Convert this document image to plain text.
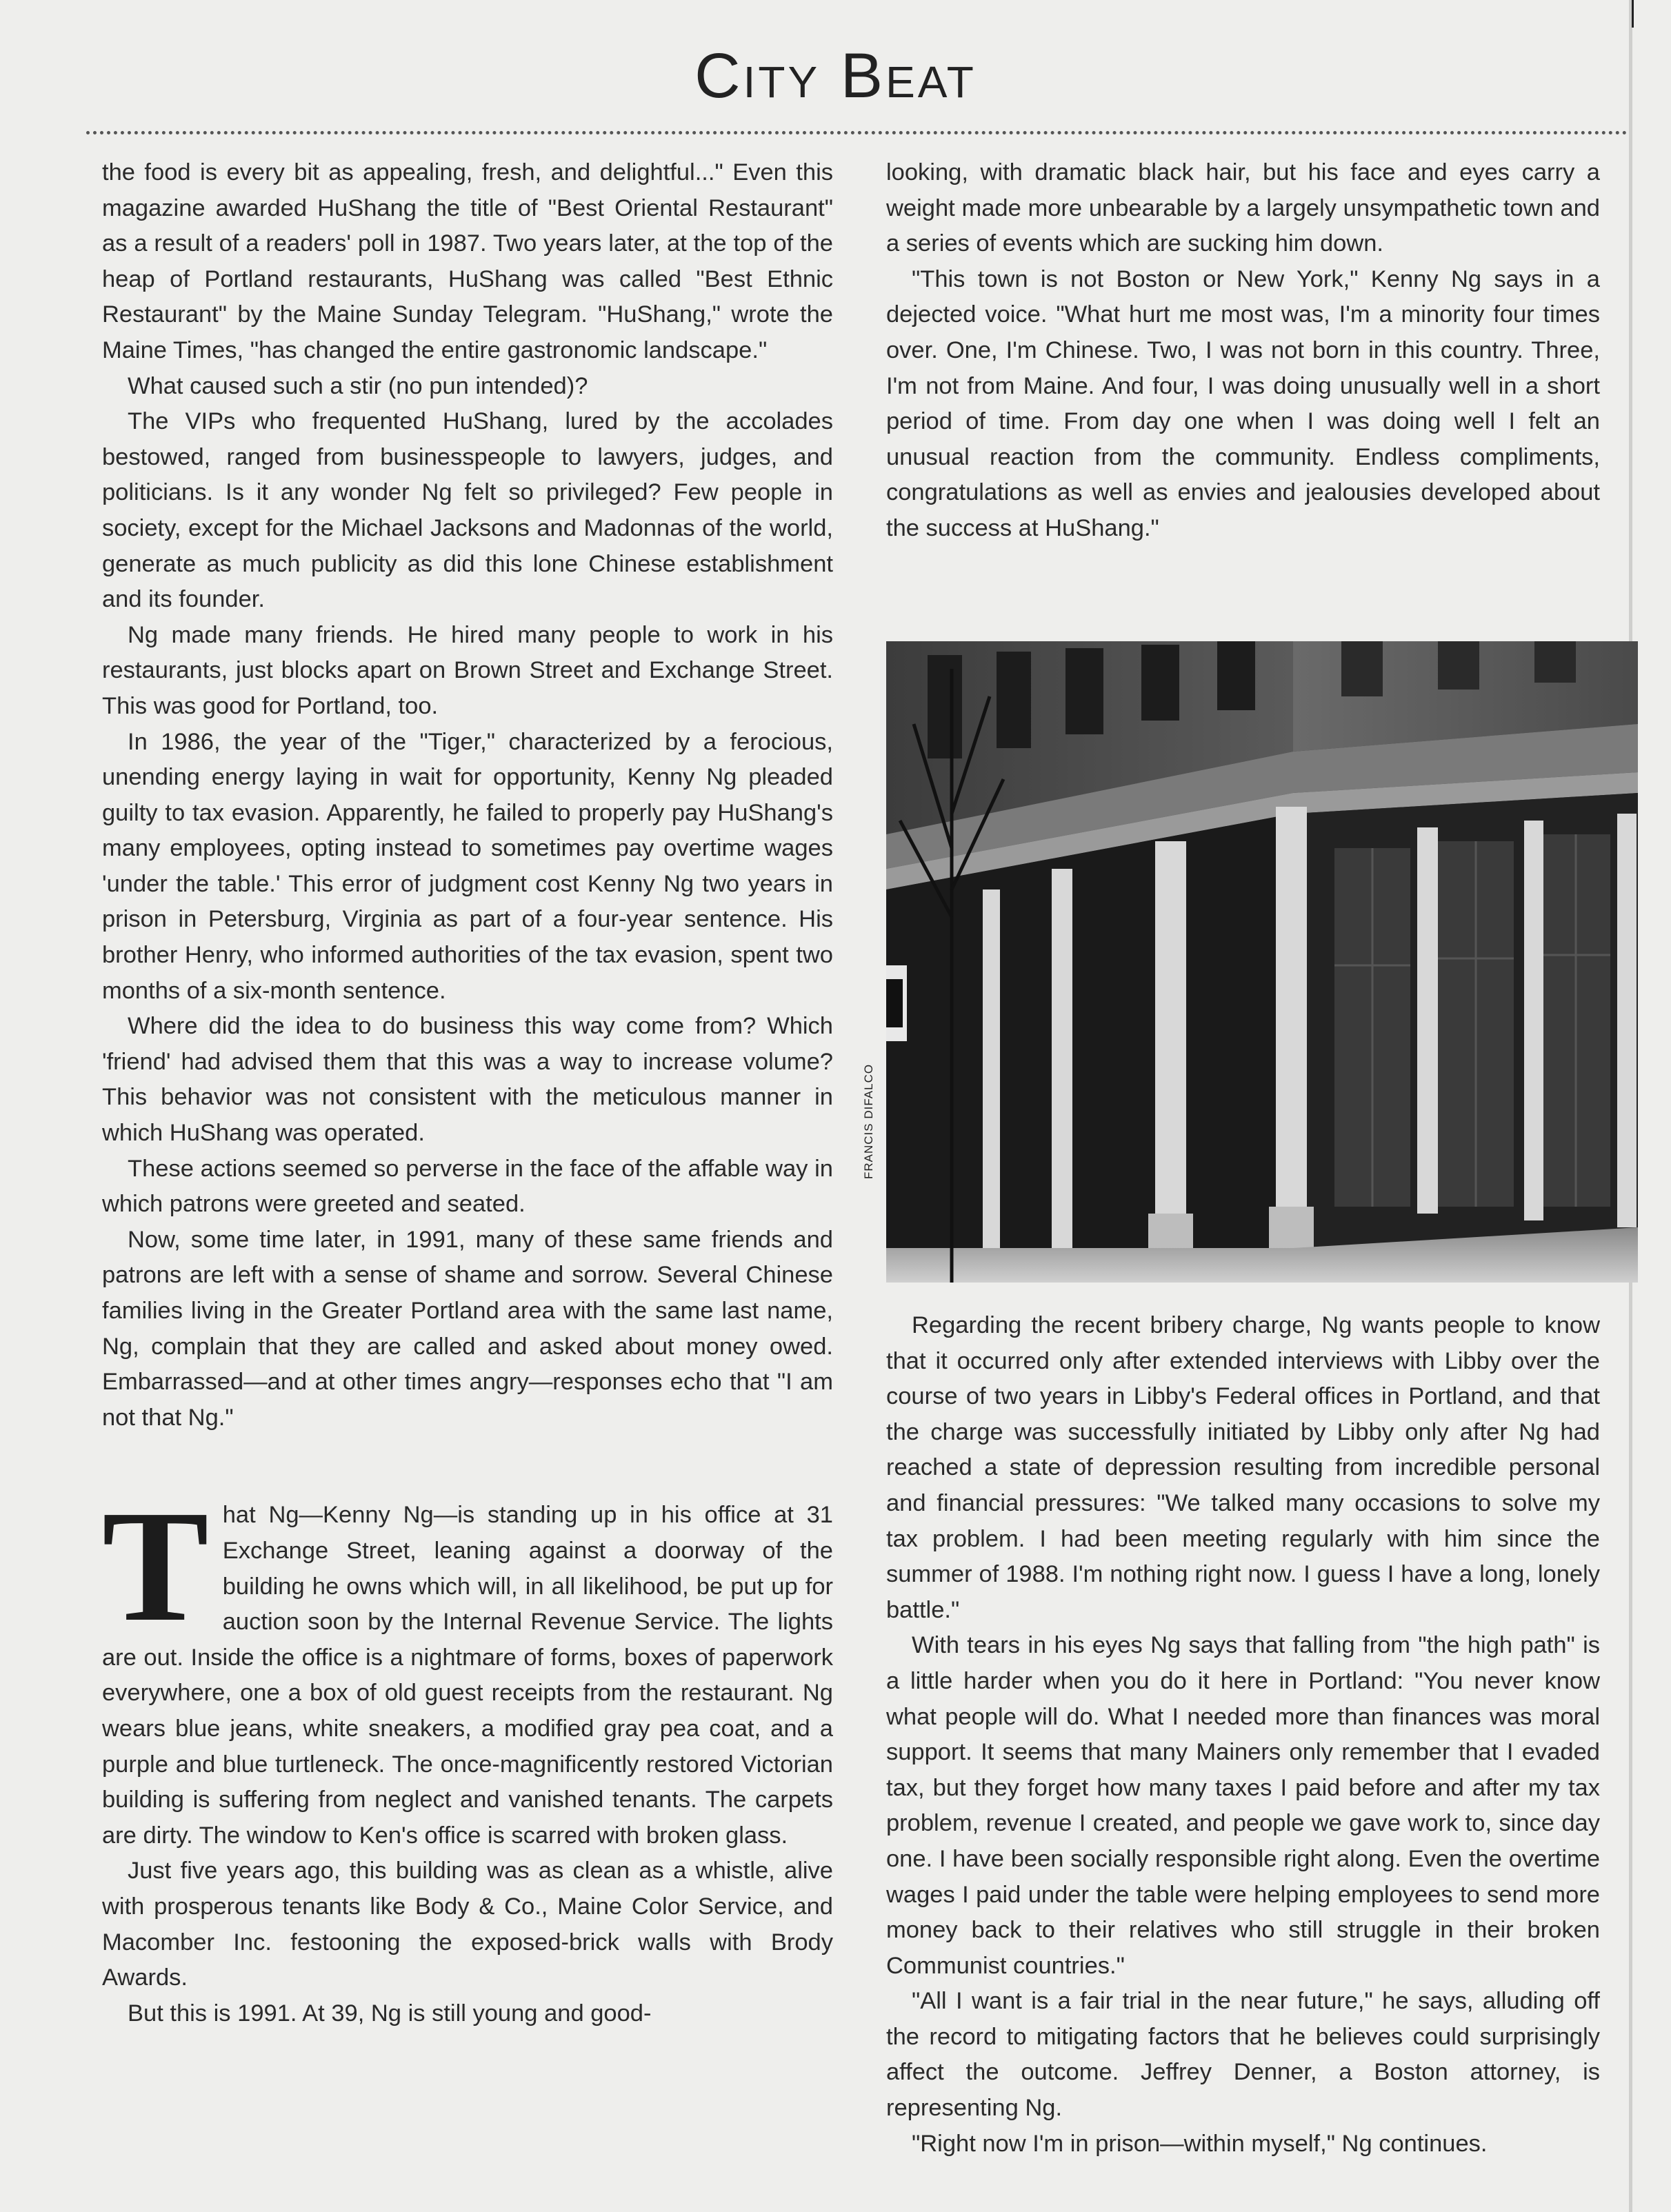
City Beat

the food is every bit as appealing, fresh, and delightful..." Even this magazine awarded HuShang the title of "Best Oriental Restaurant" as a result of a readers' poll in 1987. Two years later, at the top of the heap of Portland restaurants, HuShang was called "Best Ethnic Restaurant" by the Maine Sunday Telegram. "HuShang," wrote the Maine Times, "has changed the entire gastronomic landscape."

What caused such a stir (no pun intended)?

The VIPs who frequented HuShang, lured by the accolades bestowed, ranged from businesspeople to lawyers, judges, and politicians. Is it any wonder Ng felt so privileged? Few people in society, except for the Michael Jacksons and Madonnas of the world, generate as much publicity as did this lone Chinese establishment and its founder.

Ng made many friends. He hired many people to work in his restaurants, just blocks apart on Brown Street and Exchange Street. This was good for Portland, too.

In 1986, the year of the "Tiger," characterized by a ferocious, unending energy laying in wait for opportunity, Kenny Ng pleaded guilty to tax evasion. Apparently, he failed to properly pay HuShang's many employees, opting instead to sometimes pay overtime wages 'under the table.' This error of judgment cost Kenny Ng two years in prison in Petersburg, Virginia as part of a four-year sentence. His brother Henry, who informed authorities of the tax evasion, spent two months of a six-month sentence.

Where did the idea to do business this way come from? Which 'friend' had advised them that this was a way to increase volume? This behavior was not consistent with the meticulous manner in which HuShang was operated.

These actions seemed so perverse in the face of the affable way in which patrons were greeted and seated.

Now, some time later, in 1991, many of these same friends and patrons are left with a sense of shame and sorrow. Several Chinese families living in the Greater Portland area with the same last name, Ng, complain that they are called and asked about money owed. Embarrassed—and at other times angry—responses echo that "I am not that Ng."

That Ng—Kenny Ng—is standing up in his office at 31 Exchange Street, leaning against a doorway of the building he owns which will, in all likelihood, be put up for auction soon by the Internal Revenue Service. The lights are out. Inside the office is a nightmare of forms, boxes of paperwork everywhere, one a box of old guest receipts from the restaurant. Ng wears blue jeans, white sneakers, a modified gray pea coat, and a purple and blue turtleneck. The once-magnificently restored Victorian building is suffering from neglect and vanished tenants. The carpets are dirty. The window to Ken's office is scarred with broken glass.

Just five years ago, this building was as clean as a whistle, alive with prosperous tenants like Body & Co., Maine Color Service, and Macomber Inc. festooning the exposed-brick walls with Brody Awards.

But this is 1991. At 39, Ng is still young and good-

looking, with dramatic black hair, but his face and eyes carry a weight made more unbearable by a largely unsympathetic town and a series of events which are sucking him down.

"This town is not Boston or New York," Kenny Ng says in a dejected voice. "What hurt me most was, I'm a minority four times over. One, I'm Chinese. Two, I was not born in this country. Three, I'm not from Maine. And four, I was doing unusually well in a short period of time. From day one when I was doing well I felt an unusual reaction from the community. Endless compliments, congratulations as well as envies and jealousies developed about the success at HuShang."

FRANCIS DIFALCO

Regarding the recent bribery charge, Ng wants people to know that it occurred only after extended interviews with Libby over the course of two years in Libby's Federal offices in Portland, and that the charge was successfully initiated by Libby only after Ng had reached a state of depression resulting from incredible personal and financial pressures: "We talked many occasions to solve my tax problem. I had been meeting regularly with him since the summer of 1988. I'm nothing right now. I guess I have a long, lonely battle."

With tears in his eyes Ng says that falling from "the high path" is a little harder when you do it here in Portland: "You never know what people will do. What I needed more than finances was moral support. It seems that many Mainers only remember that I evaded tax, but they forget how many taxes I paid before and after my tax problem, revenue I created, and people we gave work to, since day one. I have been socially responsible right along. Even the overtime wages I paid under the table were helping employees to send more money back to their relatives who still struggle in their broken Communist countries."

"All I want is a fair trial in the near future," he says, alluding off the record to mitigating factors that he believes could surprisingly affect the outcome. Jeffrey Denner, a Boston attorney, is representing Ng.

"Right now I'm in prison—within myself," Ng continues.
